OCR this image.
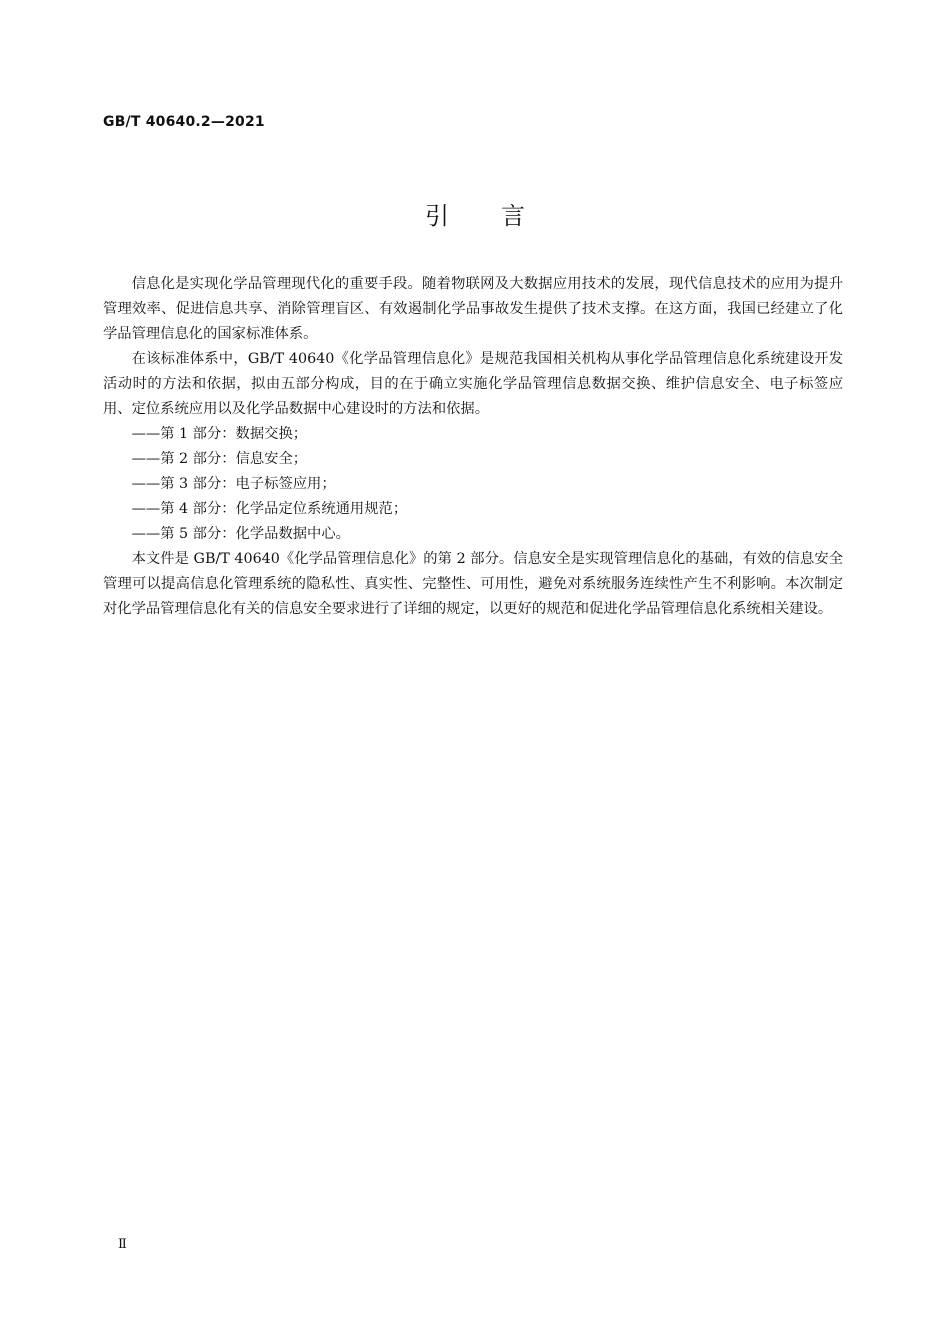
GB/T 40640.2—2021

引 言

信息化是实现化学品管理现代化的重要手段。随着物联网及大数据应用技术的发展，现代信息技术的应用为提升管理效率、促进信息共享、消除管理盲区、有效遏制化学品事故发生提供了技术支撑。在这方面，我国已经建立了化学品管理信息化的国家标准体系。

在该标准体系中，GB/T 40640《化学品管理信息化》是规范我国相关机构从事化学品管理信息化系统建设开发活动时的方法和依据，拟由五部分构成，目的在于确立实施化学品管理信息数据交换、维护信息安全、电子标签应用、定位系统应用以及化学品数据中心建设时的方法和依据。

——第 1 部分：数据交换；

——第 2 部分：信息安全；

——第 3 部分：电子标签应用；

——第 4 部分：化学品定位系统通用规范；

——第 5 部分：化学品数据中心。

本文件是 GB/T 40640《化学品管理信息化》的第 2 部分。信息安全是实现管理信息化的基础，有效的信息安全管理可以提高信息化管理系统的隐私性、真实性、完整性、可用性，避免对系统服务连续性产生不利影响。本次制定对化学品管理信息化有关的信息安全要求进行了详细的规定，以更好的规范和促进化学品管理信息化系统相关建设。

Ⅱ
